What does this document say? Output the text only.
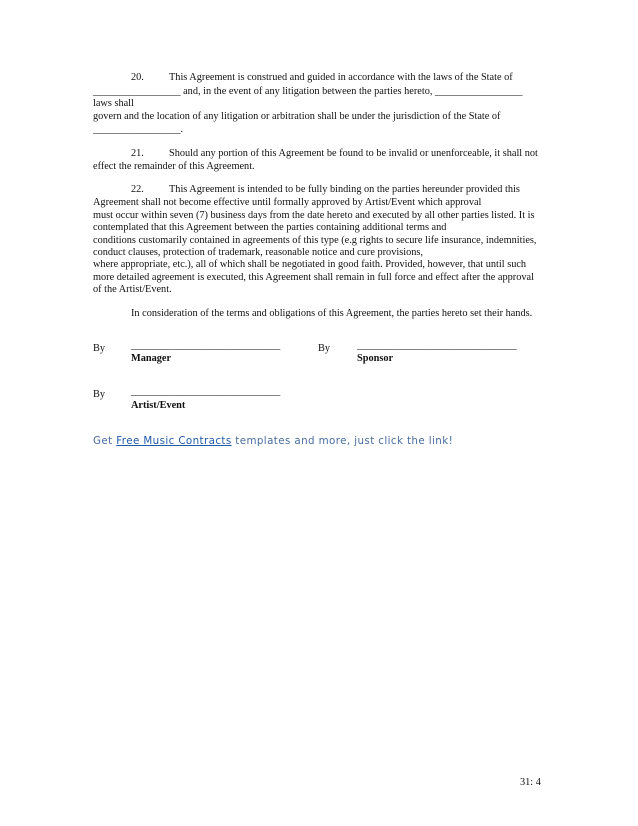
20. This Agreement is construed and guided in accordance with the laws of the State of
_________________ and, in the event of any litigation between the parties hereto, _________________
laws shall
govern and the location of any litigation or arbitration shall be under the jurisdiction of the State of
_________________.
21. Should any portion of this Agreement be found to be invalid or unenforceable, it shall not
effect the remainder of this Agreement.
22. This Agreement is intended to be fully binding on the parties hereunder provided this
Agreement shall not become effective until formally approved by Artist/Event which approval
must occur within seven (7) business days from the date hereto and executed by all other parties listed. It is
contemplated that this Agreement between the parties containing additional terms and
conditions customarily contained in agreements of this type (e.g rights to secure life insurance, indemnities,
conduct clauses, protection of trademark, reasonable notice and cure provisions,
where appropriate, etc.), all of which shall be negotiated in good faith. Provided, however, that until such
more detailed agreement is executed, this Agreement shall remain in full force and effect after the approval
of the Artist/Event.
In consideration of the terms and obligations of this Agreement, the parties hereto set their hands.
By	_____________________________
Manager
By	_______________________________
Sponsor
By	_____________________________
Artist/Event
Get Free Music Contracts templates and more, just click the link!
31: 4
